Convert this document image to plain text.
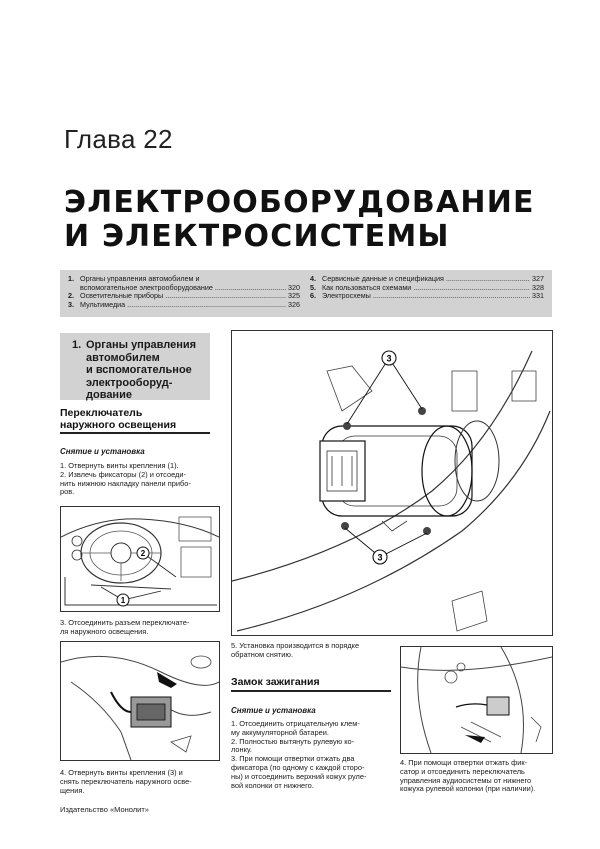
Глава 22
ЭЛЕКТРООБОРУДОВАНИЕ
И ЭЛЕКТРОСИСТЕМЫ
1. Органы управления автомобилем и
вспомогательное электрооборудование .....	320
2. Осветительные приборы .....	325
3. Мультимедиа .....	326
4. Сервисные данные и спецификация .....	327
5. Как пользоваться схемами .....	328
6. Электросхемы .....	331
1. Органы управления
автомобилем
и вспомогательное
электрооборуд-
дование
Переключатель
наружного освещения
Снятие и установка
1. Отвернуть винты крепления (1).
2. Извлечь фиксаторы (2) и отсоеди-
нить нижнюю накладку панели прибо-
ров.
2
1
3. Отсоединить разъем переключате-
ля наружного освещения.
4. Отвернуть винты крепления (3) и
снять переключатель наружного осве-
щения.
3
3
5. Установка производится в порядке
обратном снятию.
Замок зажигания
Снятие и установка
1. Отсоединить отрицательную клем-
му аккумуляторной батареи.
2. Полностью вытянуть рулевую ко-
лонку.
3. При помощи отвертки отжать два
фиксатора (по одному с каждой сторо-
ны) и отсоединить верхний кожух руле-
вой колонки от нижнего.
4. При помощи отвертки отжать фик-
сатор и отсоединить переключатель
управления аудиосистемы от нижнего
кожуха рулевой колонки (при наличии).
Издательство «Монолит»
